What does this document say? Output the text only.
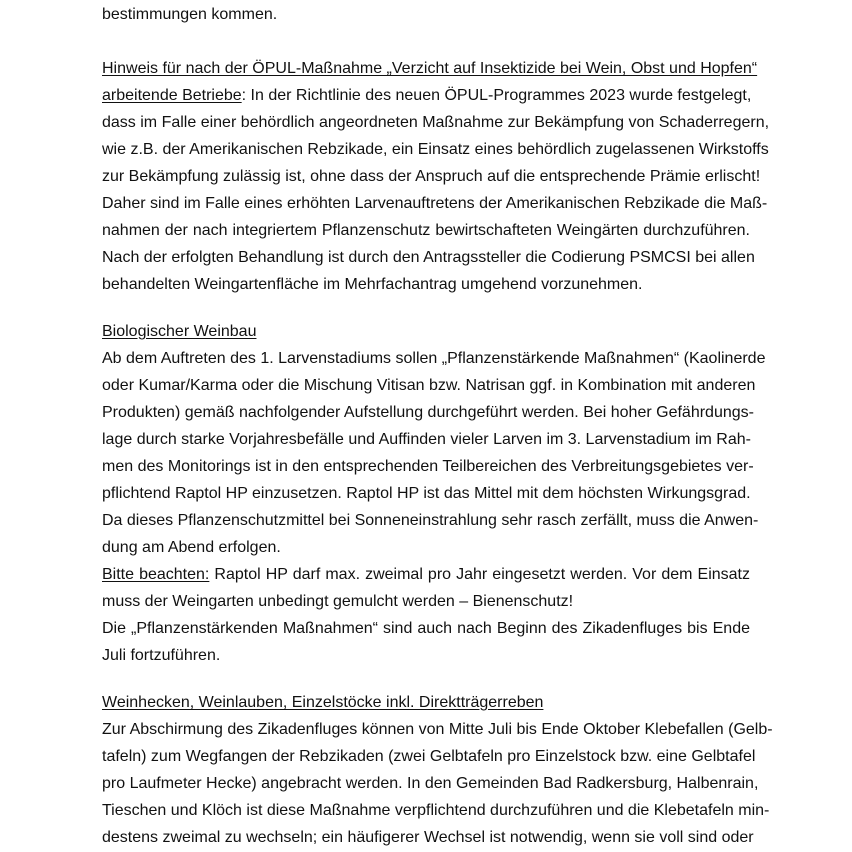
bestimmungen kommen.
Hinweis für nach der ÖPUL-Maßnahme „Verzicht auf Insektizide bei Wein, Obst und Hopfen“
arbeitende Betriebe: In der Richtlinie des neuen ÖPUL-Programmes 2023 wurde festgelegt,
dass im Falle einer behördlich angeordneten Maßnahme zur Bekämpfung von Schaderregern,
wie z.B. der Amerikanischen Rebzikade, ein Einsatz eines behördlich zugelassenen Wirkstoffs
zur Bekämpfung zulässig ist, ohne dass der Anspruch auf die entsprechende Prämie erlischt!
Daher sind im Falle eines erhöhten Larvenauftretens der Amerikanischen Rebzikade die Maß-
nahmen der nach integriertem Pflanzenschutz bewirtschafteten Weingärten durchzuführen.
Nach der erfolgten Behandlung ist durch den Antragssteller die Codierung PSMCSI bei allen
behandelten Weingartenfläche im Mehrfachantrag umgehend vorzunehmen.
Biologischer Weinbau
Ab dem Auftreten des 1. Larvenstadiums sollen „Pflanzenstärkende Maßnahmen“ (Kaolinerde
oder Kumar/Karma oder die Mischung Vitisan bzw. Natrisan ggf. in Kombination mit anderen
Produkten) gemäß nachfolgender Aufstellung durchgeführt werden. Bei hoher Gefährdungs-
lage durch starke Vorjahresbefälle und Auffinden vieler Larven im 3. Larvenstadium im Rah-
men des Monitorings ist in den entsprechenden Teilbereichen des Verbreitungsgebietes ver-
pflichtend Raptol HP einzusetzen. Raptol HP ist das Mittel mit dem höchsten Wirkungsgrad.
Da dieses Pflanzenschutzmittel bei Sonneneinstrahlung sehr rasch zerfällt, muss die Anwen-
dung am Abend erfolgen.
Bitte beachten: Raptol HP darf max. zweimal pro Jahr eingesetzt werden. Vor dem Einsatz
muss der Weingarten unbedingt gemulcht werden – Bienenschutz!
Die „Pflanzenstärkenden Maßnahmen“ sind auch nach Beginn des Zikadenfluges bis Ende
Juli fortzuführen.
Weinhecken, Weinlauben, Einzelstöcke inkl. Direktträgerreben
Zur Abschirmung des Zikadenfluges können von Mitte Juli bis Ende Oktober Klebefallen (Gelb-
tafeln) zum Wegfangen der Rebzikaden (zwei Gelbtafeln pro Einzelstock bzw. eine Gelbtafel
pro Laufmeter Hecke) angebracht werden. In den Gemeinden Bad Radkersburg, Halbenrain,
Tieschen und Klöch ist diese Maßnahme verpflichtend durchzuführen und die Klebetafeln min-
destens zweimal zu wechseln; ein häufigerer Wechsel ist notwendig, wenn sie voll sind oder
